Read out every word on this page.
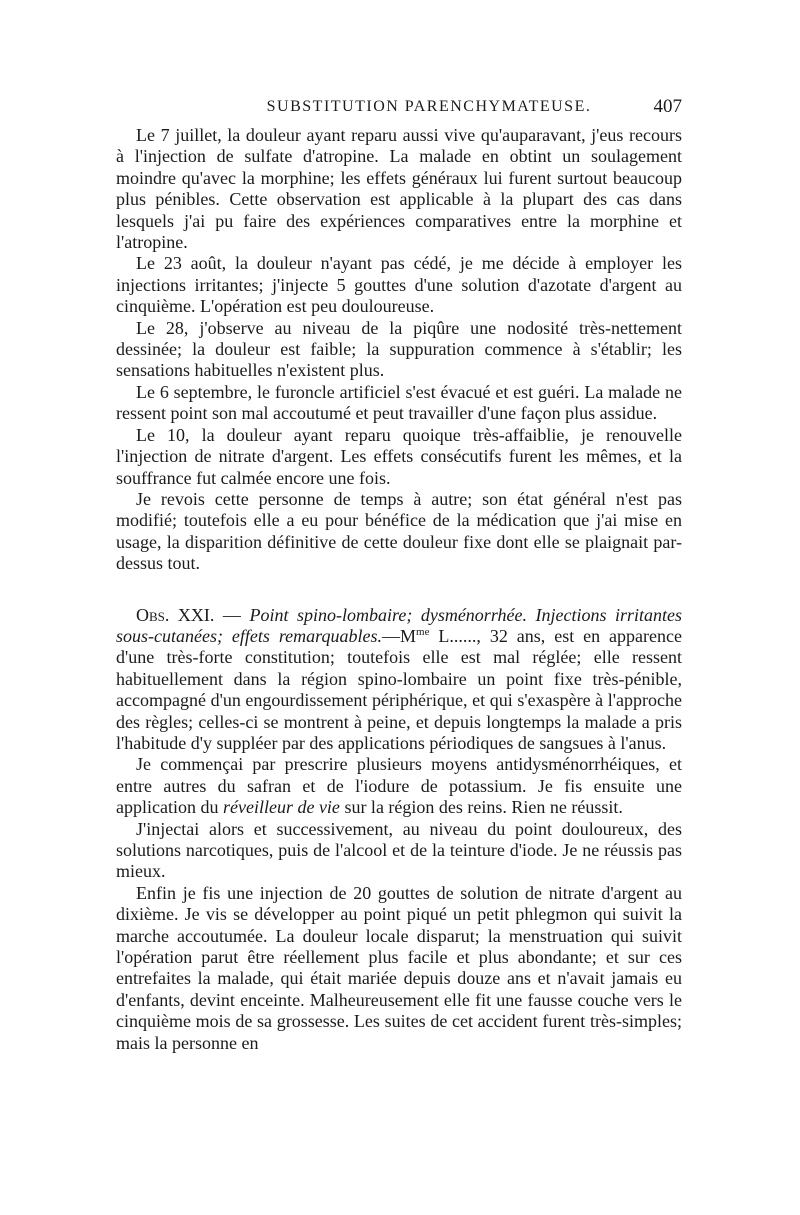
SUBSTITUTION PARENCHYMATEUSE.	407

Le 7 juillet, la douleur ayant reparu aussi vive qu'auparavant, j'eus recours à l'injection de sulfate d'atropine. La malade en obtint un soulagement moindre qu'avec la morphine; les effets généraux lui furent surtout beaucoup plus pénibles. Cette observation est applicable à la plupart des cas dans lesquels j'ai pu faire des expériences comparatives entre la morphine et l'atropine.

Le 23 août, la douleur n'ayant pas cédé, je me décide à employer les injections irritantes; j'injecte 5 gouttes d'une solution d'azotate d'argent au cinquième. L'opération est peu douloureuse.

Le 28, j'observe au niveau de la piqûre une nodosité très-nettement dessinée; la douleur est faible; la suppuration commence à s'établir; les sensations habituelles n'existent plus.

Le 6 septembre, le furoncle artificiel s'est évacué et est guéri. La malade ne ressent point son mal accoutumé et peut travailler d'une façon plus assidue.

Le 10, la douleur ayant reparu quoique très-affaiblie, je renouvelle l'injection de nitrate d'argent. Les effets consécutifs furent les mêmes, et la souffrance fut calmée encore une fois.

Je revois cette personne de temps à autre; son état général n'est pas modifié; toutefois elle a eu pour bénéfice de la médication que j'ai mise en usage, la disparition définitive de cette douleur fixe dont elle se plaignait par-dessus tout.

Obs. XXI. — Point spino-lombaire; dysménorrhée. Injections irritantes sous-cutanées; effets $remarquables.—M^{me}$ L......, 32 ans, est en apparence d'une très-forte constitution; toutefois elle est mal réglée; elle ressent habituellement dans la région spino-lombaire un point fixe très-pénible, accompagné d'un engourdissement périphérique, et qui s'exaspère à l'approche des règles; celles-ci se montrent à peine, et depuis longtemps la malade a pris l'habitude d'y suppléer par des applications périodiques de sangsues à l'anus.

Je commençai par prescrire plusieurs moyens antidysménorrhéiques, et entre autres du safran et de l'iodure de potassium. Je fis ensuite une application du réveilleur de vie sur la région des reins. Rien ne réussit.

J'injectai alors et successivement, au niveau du point douloureux, des solutions narcotiques, puis de l'alcool et de la teinture d'iode. Je ne réussis pas mieux.

Enfin je fis une injection de 20 gouttes de solution de nitrate d'argent au dixième. Je vis se développer au point piqué un petit phlegmon qui suivit la marche accoutumée. La douleur locale disparut; la menstruation qui suivit l'opération parut être réellement plus facile et plus abondante; et sur ces entrefaites la malade, qui était mariée depuis douze ans et n'avait jamais eu d'enfants, devint enceinte. Malheureusement elle fit une fausse couche vers le cinquième mois de sa grossesse. Les suites de cet accident furent très-simples; mais la personne en
